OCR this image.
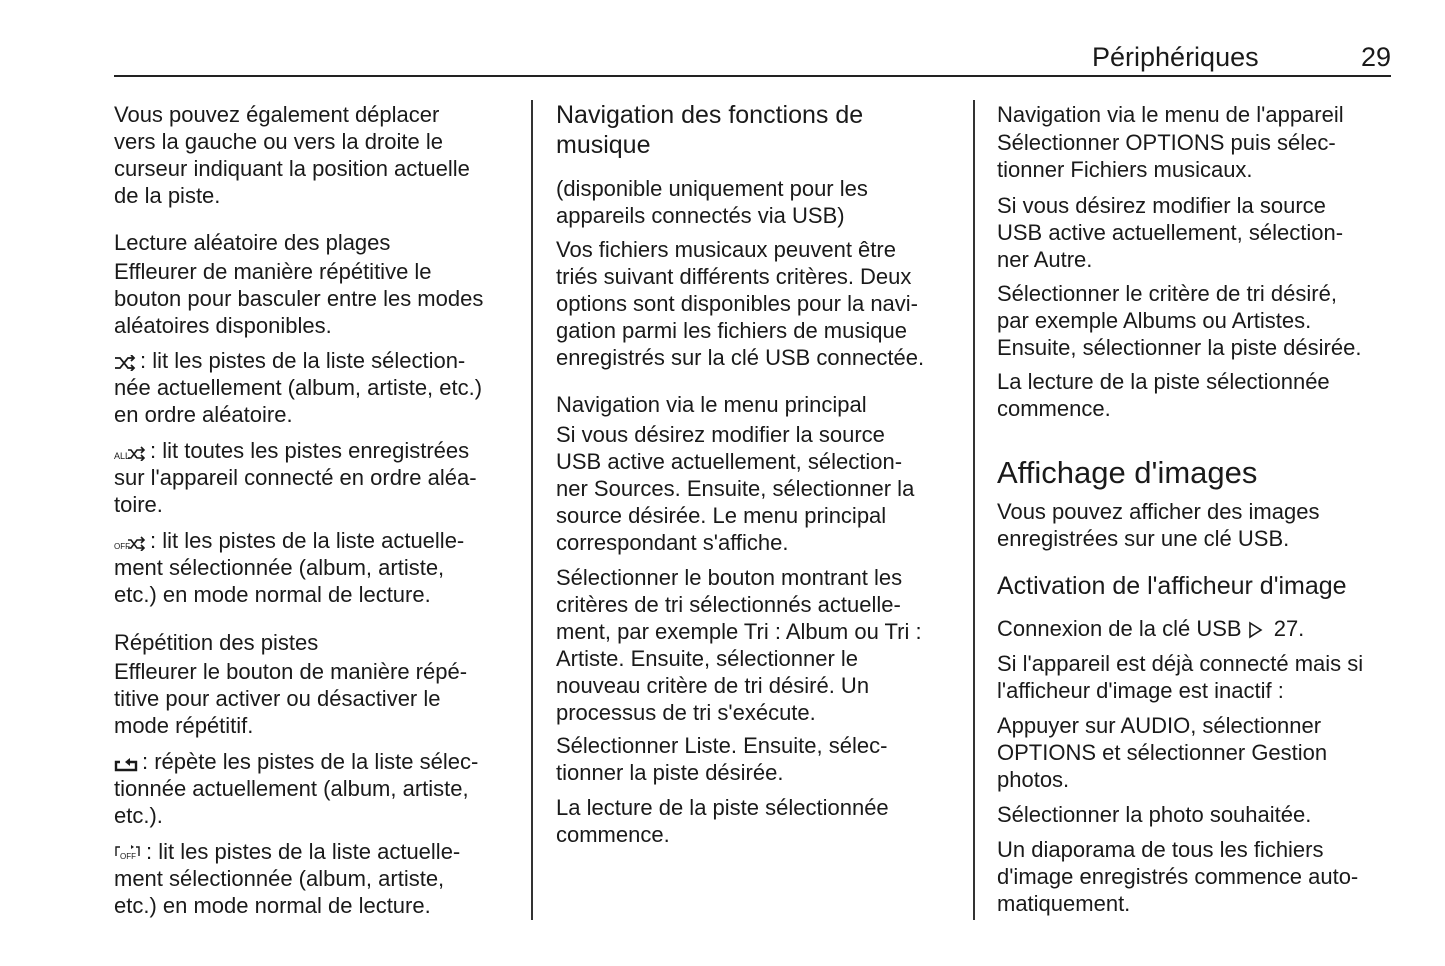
Périphériques	29
Vous pouvez également déplacer
vers la gauche ou vers la droite le
curseur indiquant la position actuelle
de la piste.
Lecture aléatoire des plages
Effleurer de manière répétitive le
bouton pour basculer entre les modes
aléatoires disponibles.
: lit les pistes de la liste sélection-
née actuellement (album, artiste, etc.)
en ordre aléatoire.
ALL : lit toutes les pistes enregistrées
sur l'appareil connecté en ordre aléa-
toire.
OFF : lit les pistes de la liste actuelle-
ment sélectionnée (album, artiste,
etc.) en mode normal de lecture.
Répétition des pistes
Effleurer le bouton de manière répé-
titive pour activer ou désactiver le
mode répétitif.
: répète les pistes de la liste sélec-
tionnée actuellement (album, artiste,
etc.).
OFF : lit les pistes de la liste actuelle-
ment sélectionnée (album, artiste,
etc.) en mode normal de lecture.
Navigation des fonctions de
musique
(disponible uniquement pour les
appareils connectés via USB)
Vos fichiers musicaux peuvent être
triés suivant différents critères. Deux
options sont disponibles pour la navi-
gation parmi les fichiers de musique
enregistrés sur la clé USB connectée.
Navigation via le menu principal
Si vous désirez modifier la source
USB active actuellement, sélection-
ner Sources. Ensuite, sélectionner la
source désirée. Le menu principal
correspondant s'affiche.
Sélectionner le bouton montrant les
critères de tri sélectionnés actuelle-
ment, par exemple Tri : Album ou Tri :
Artiste. Ensuite, sélectionner le
nouveau critère de tri désiré. Un
processus de tri s'exécute.
Sélectionner Liste. Ensuite, sélec-
tionner la piste désirée.
La lecture de la piste sélectionnée
commence.
Navigation via le menu de l'appareil
Sélectionner OPTIONS puis sélec-
tionner Fichiers musicaux.
Si vous désirez modifier la source
USB active actuellement, sélection-
ner Autre.
Sélectionner le critère de tri désiré,
par exemple Albums ou Artistes.
Ensuite, sélectionner la piste désirée.
La lecture de la piste sélectionnée
commence.
Affichage d'images
Vous pouvez afficher des images
enregistrées sur une clé USB.
Activation de l'afficheur d'image
Connexion de la clé USB 27.
Si l'appareil est déjà connecté mais si
l'afficheur d'image est inactif :
Appuyer sur AUDIO, sélectionner
OPTIONS et sélectionner Gestion
photos.
Sélectionner la photo souhaitée.
Un diaporama de tous les fichiers
d'image enregistrés commence auto-
matiquement.
